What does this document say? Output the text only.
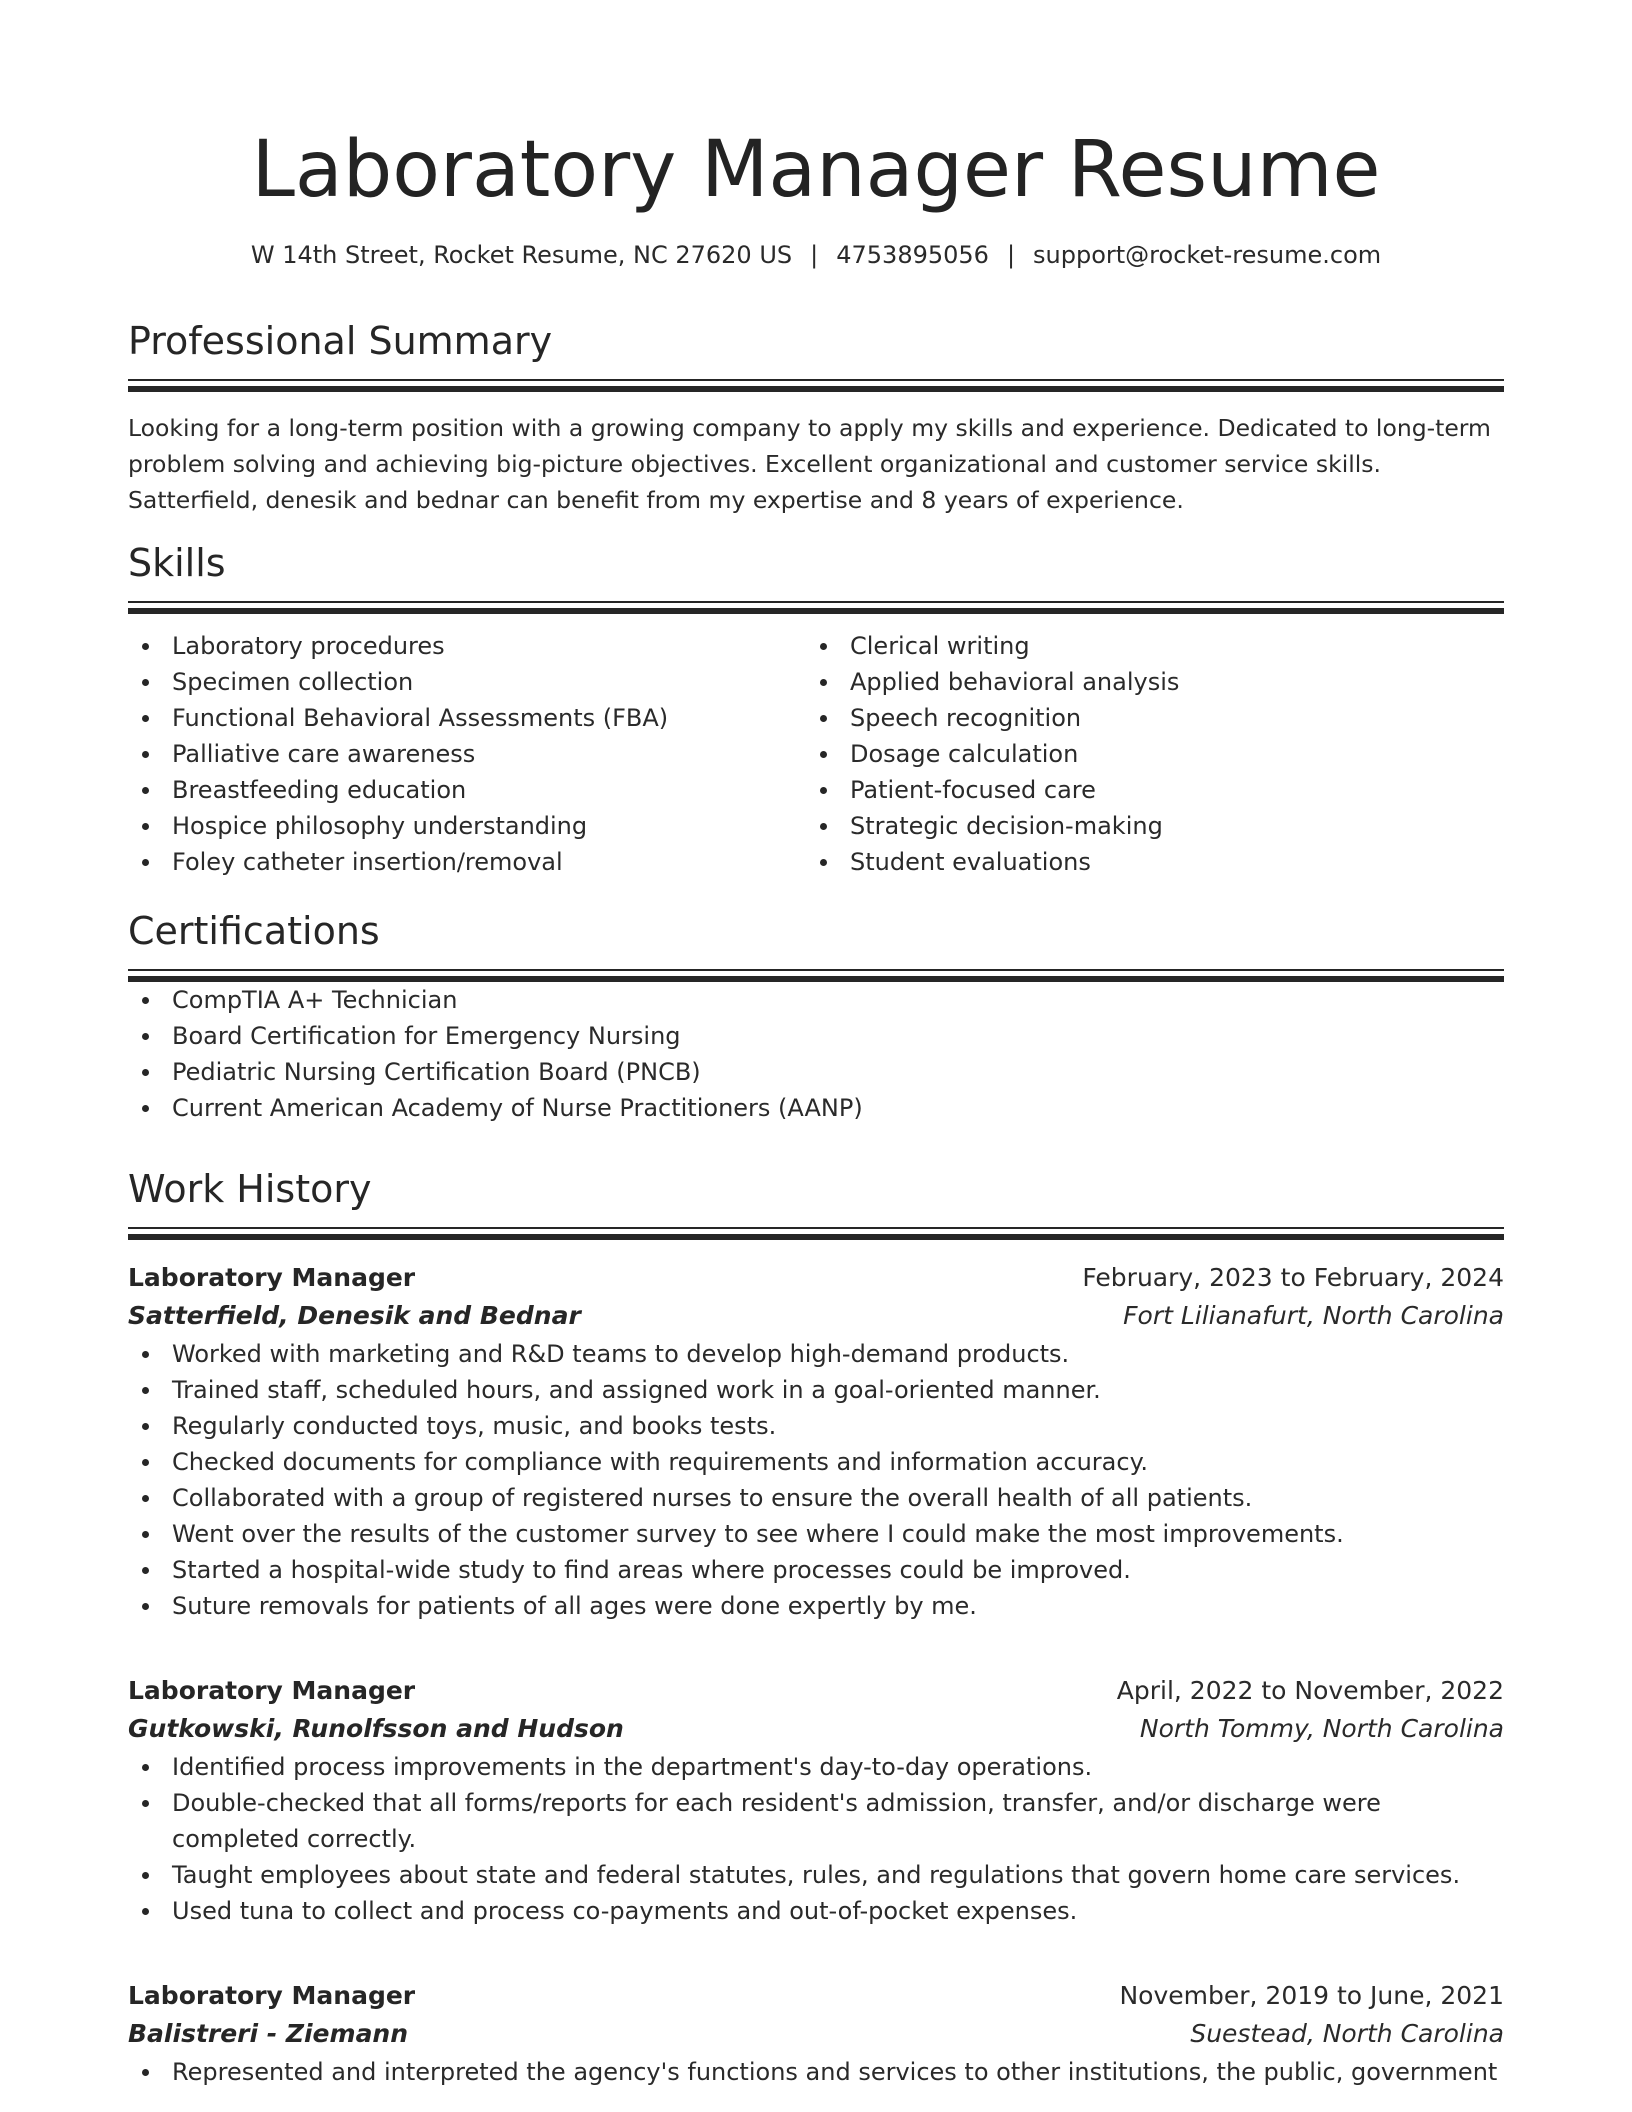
Laboratory Manager Resume
W 14th Street, Rocket Resume, NC 27620 US | 4753895056 | support@rocket-resume.com
Professional Summary
Looking for a long-term position with a growing company to apply my skills and experience. Dedicated to long-term problem solving and achieving big-picture objectives. Excellent organizational and customer service skills. Satterfield, denesik and bednar can benefit from my expertise and 8 years of experience.
Skills
Laboratory procedures
Specimen collection
Functional Behavioral Assessments (FBA)
Palliative care awareness
Breastfeeding education
Hospice philosophy understanding
Foley catheter insertion/removal
Clerical writing
Applied behavioral analysis
Speech recognition
Dosage calculation
Patient-focused care
Strategic decision-making
Student evaluations
Certifications
CompTIA A+ Technician
Board Certification for Emergency Nursing
Pediatric Nursing Certification Board (PNCB)
Current American Academy of Nurse Practitioners (AANP)
Work History
Laboratory Manager	February, 2023 to February, 2024
Satterfield, Denesik and Bednar	Fort Lilianafurt, North Carolina
Worked with marketing and R&D teams to develop high-demand products.
Trained staff, scheduled hours, and assigned work in a goal-oriented manner.
Regularly conducted toys, music, and books tests.
Checked documents for compliance with requirements and information accuracy.
Collaborated with a group of registered nurses to ensure the overall health of all patients.
Went over the results of the customer survey to see where I could make the most improvements.
Started a hospital-wide study to find areas where processes could be improved.
Suture removals for patients of all ages were done expertly by me.
Laboratory Manager	April, 2022 to November, 2022
Gutkowski, Runolfsson and Hudson	North Tommy, North Carolina
Identified process improvements in the department's day-to-day operations.
Double-checked that all forms/reports for each resident's admission, transfer, and/or discharge were completed correctly.
Taught employees about state and federal statutes, rules, and regulations that govern home care services.
Used tuna to collect and process co-payments and out-of-pocket expenses.
Laboratory Manager	November, 2019 to June, 2021
Balistreri - Ziemann	Suestead, North Carolina
Represented and interpreted the agency's functions and services to other institutions, the public, government
